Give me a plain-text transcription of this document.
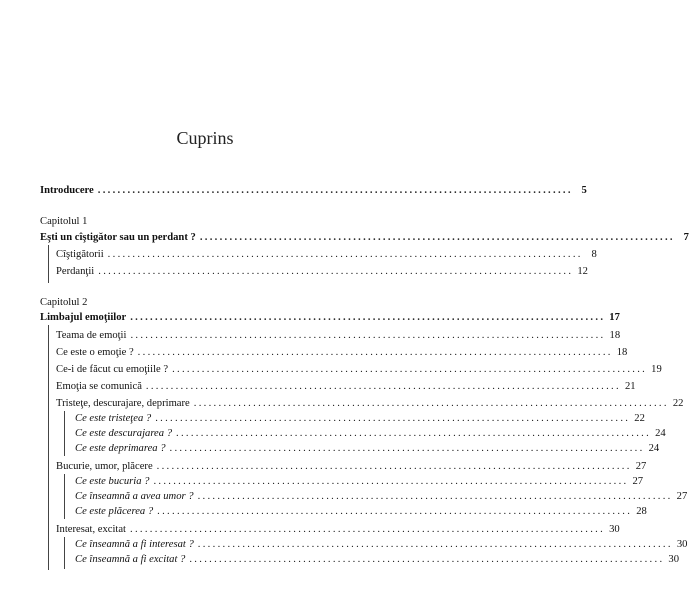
Cuprins
Introducere ................................................................................................ 5
Capitolul 1
Eşti un cîştigător sau un perdant ? ................................................................................................ 7
Cîştigătorii ................................................................................................ 8
Perdanţii ................................................................................................ 12
Capitolul 2
Limbajul emoţiilor ................................................................................................ 17
Teama de emoţii ................................................................................................ 18
Ce este o emoţie ? ................................................................................................ 18
Ce-i de făcut cu emoţiile ? ................................................................................................ 19
Emoţia se comunică ................................................................................................ 21
Tristeţe, descurajare, deprimare ................................................................................................ 22
Ce este tristeţea ? ................................................................................................ 22
Ce este descurajarea ? ................................................................................................ 24
Ce este deprimarea ? ................................................................................................ 24
Bucurie, umor, plăcere ................................................................................................ 27
Ce este bucuria ? ................................................................................................ 27
Ce înseamnă a avea umor ? ................................................................................................ 27
Ce este plăcerea ? ................................................................................................ 28
Interesat, excitat ................................................................................................ 30
Ce înseamnă a fi interesat ? ................................................................................................ 30
Ce înseamnă a fi excitat ? ................................................................................................ 30
